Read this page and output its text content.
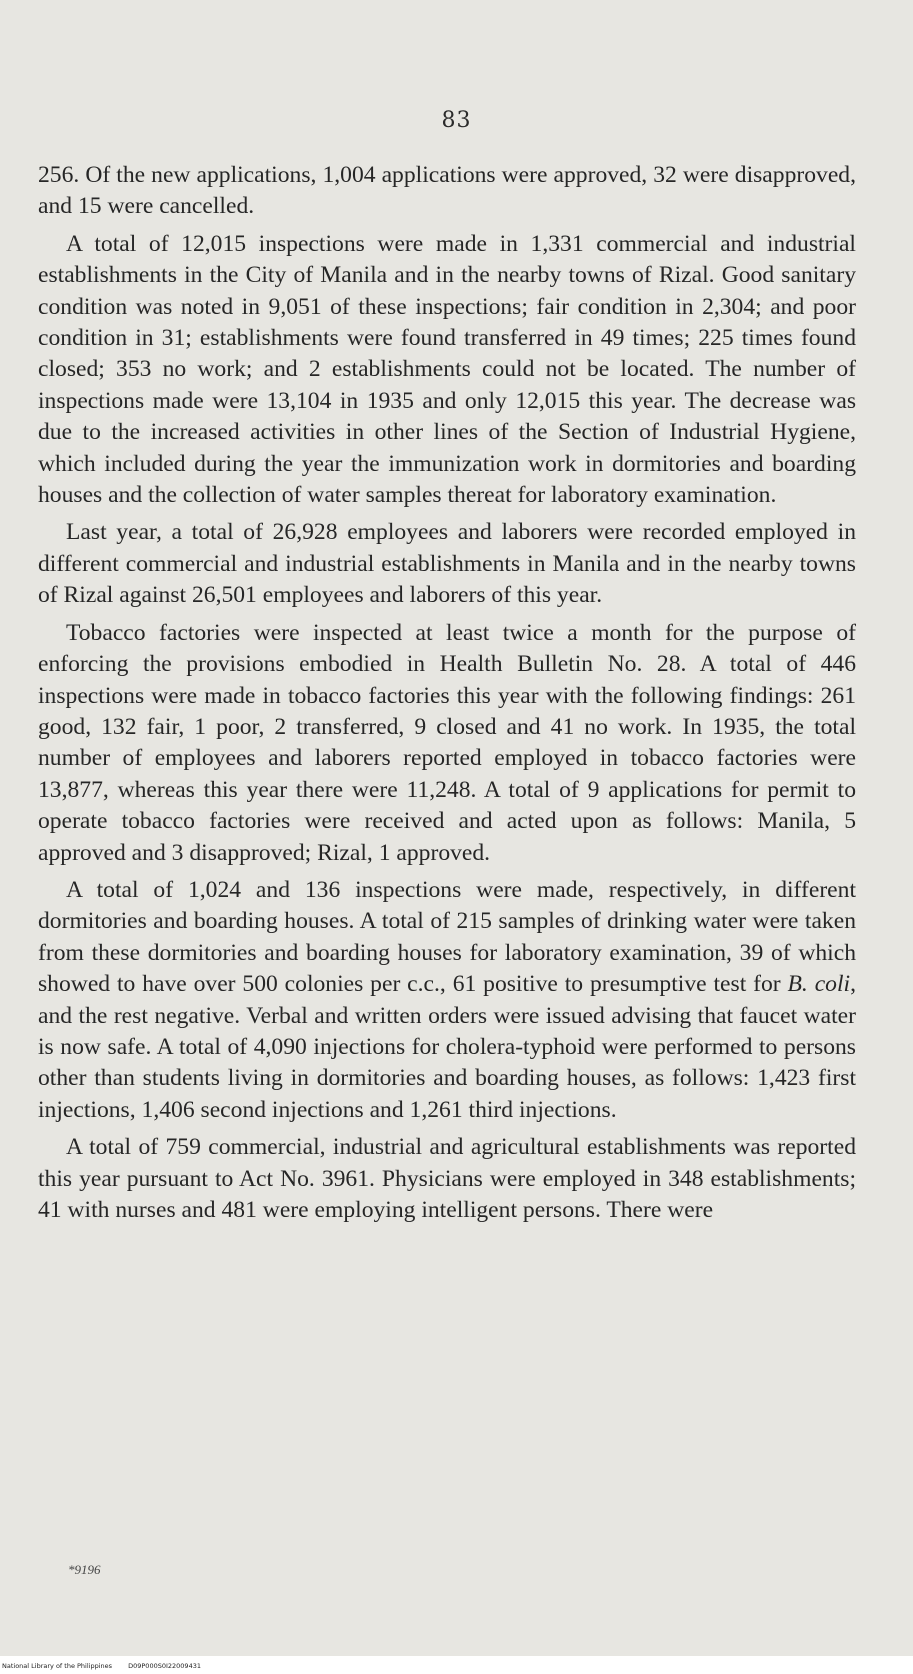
83

256. Of the new applications, 1,004 applications were approved, 32 were disapproved, and 15 were cancelled.

A total of 12,015 inspections were made in 1,331 commercial and industrial establishments in the City of Manila and in the nearby towns of Rizal. Good sanitary condition was noted in 9,051 of these inspections; fair condition in 2,304; and poor condition in 31; establishments were found transferred in 49 times; 225 times found closed; 353 no work; and 2 establishments could not be located. The number of inspections made were 13,104 in 1935 and only 12,015 this year. The decrease was due to the increased activities in other lines of the Section of Industrial Hygiene, which included during the year the immunization work in dormitories and boarding houses and the collection of water samples thereat for laboratory examination.

Last year, a total of 26,928 employees and laborers were recorded employed in different commercial and industrial establishments in Manila and in the nearby towns of Rizal against 26,501 employees and laborers of this year.

Tobacco factories were inspected at least twice a month for the purpose of enforcing the provisions embodied in Health Bulletin No. 28. A total of 446 inspections were made in tobacco factories this year with the following findings: 261 good, 132 fair, 1 poor, 2 transferred, 9 closed and 41 no work. In 1935, the total number of employees and laborers reported employed in tobacco factories were 13,877, whereas this year there were 11,248. A total of 9 applications for permit to operate tobacco factories were received and acted upon as follows: Manila, 5 approved and 3 disapproved; Rizal, 1 approved.

A total of 1,024 and 136 inspections were made, respectively, in different dormitories and boarding houses. A total of 215 samples of drinking water were taken from these dormitories and boarding houses for laboratory examination, 39 of which showed to have over 500 colonies per c.c., 61 positive to presumptive test for B. coli, and the rest negative. Verbal and written orders were issued advising that faucet water is now safe. A total of 4,090 injections for cholera-typhoid were performed to persons other than students living in dormitories and boarding houses, as follows: 1,423 first injections, 1,406 second injections and 1,261 third injections.

A total of 759 commercial, industrial and agricultural establishments was reported this year pursuant to Act No. 3961. Physicians were employed in 348 establishments; 41 with nurses and 481 were employing intelligent persons. There were

*9196
National Library of the Philippines D09P000S0I22009431
